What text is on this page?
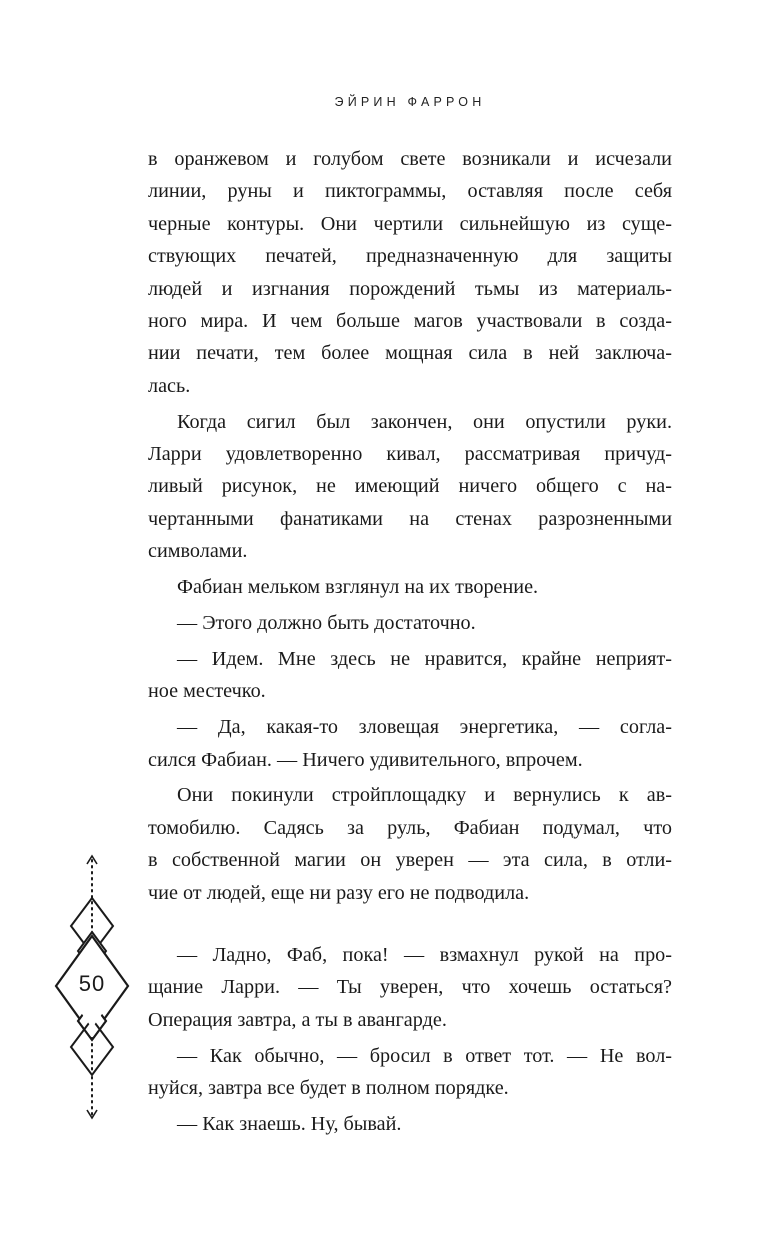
ЭЙРИН ФАРРОН
в оранжевом и голубом свете возникали и исчезали
линии, руны и пиктограммы, оставляя после себя
черные контуры. Они чертили сильнейшую из суще-
ствующих печатей, предназначенную для защиты
людей и изгнания порождений тьмы из материаль-
ного мира. И чем больше магов участвовали в созда-
нии печати, тем более мощная сила в ней заключа-
лась.
Когда сигил был закончен, они опустили руки.
Ларри удовлетворенно кивал, рассматривая причуд-
ливый рисунок, не имеющий ничего общего с на-
чертанными фанатиками на стенах разрозненными
символами.
Фабиан мельком взглянул на их творение.
— Этого должно быть достаточно.
— Идем. Мне здесь не нравится, крайне неприят-
ное местечко.
— Да, какая-то зловещая энергетика, — согла-
сился Фабиан. — Ничего удивительного, впрочем.
Они покинули стройплощадку и вернулись к ав-
томобилю. Садясь за руль, Фабиан подумал, что
в собственной магии он уверен — эта сила, в отли-
чие от людей, еще ни разу его не подводила.
— Ладно, Фаб, пока! — взмахнул рукой на про-
щание Ларри. — Ты уверен, что хочешь остаться?
Операция завтра, а ты в авангарде.
— Как обычно, — бросил в ответ тот. — Не вол-
нуйся, завтра все будет в полном порядке.
— Как знаешь. Ну, бывай.
50
